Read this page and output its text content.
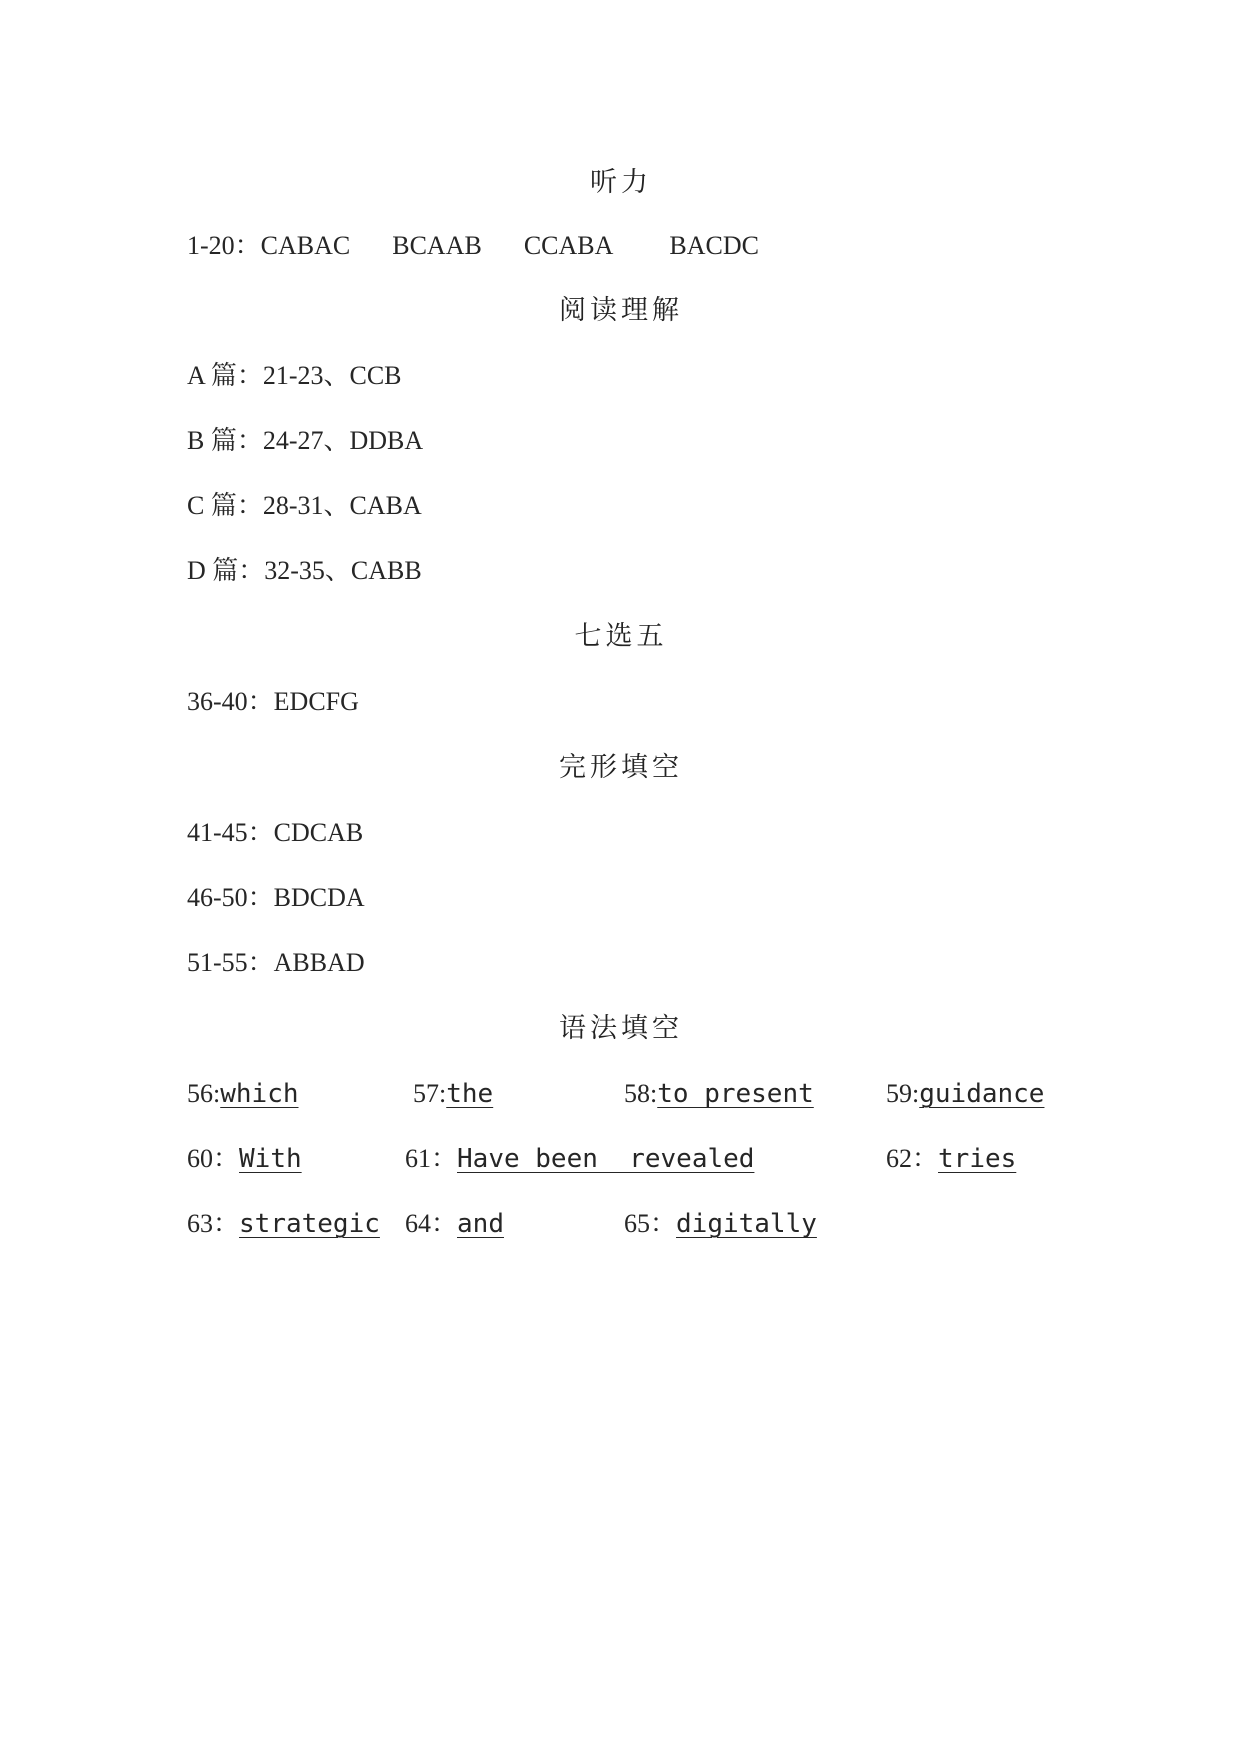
听力
1-20：CABAC BCAAB CCABA BACDC
阅读理解
A 篇：21-23、CCB
B 篇：24-27、DDBA
C 篇：28-31、CABA
D 篇：32-35、CABB
七选五
36-40：EDCFG
完形填空
41-45：CDCAB
46-50：BDCDA
51-55：ABBAD
语法填空
56:which	57:the	58:to present	59:guidance
60：With	61：Have been  revealed	62：tries
63：strategic 64：and	65：digitally
